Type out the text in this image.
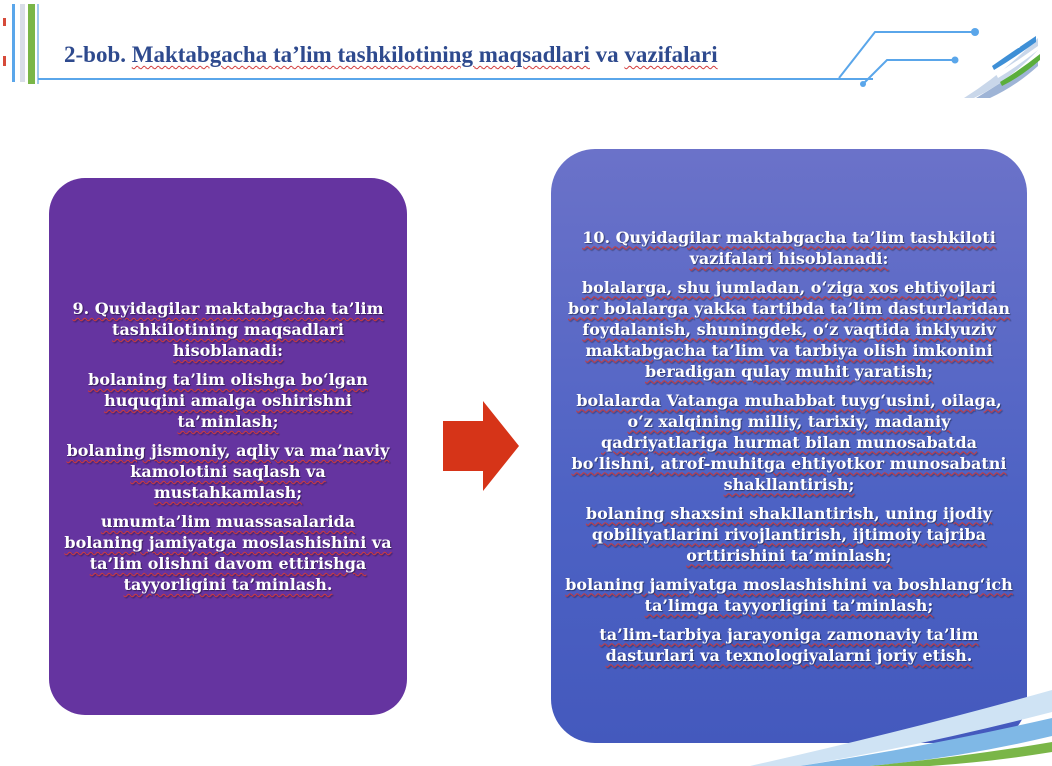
2-bob. Maktabgacha ta’lim tashkilotining maqsadlari va vazifalari

9. Quyidagilar maktabgacha ta’lim tashkilotining maqsadlari hisoblanadi:

bolaning ta’lim olishga bo‘lgan huquqini amalga oshirishni ta’minlash;

bolaning jismoniy, aqliy va ma’naviy kamolotini saqlash va mustahkamlash;

umumta’lim muassasalarida bolaning jamiyatga moslashishini va ta’lim olishni davom ettirishga tayyorligini ta’minlash.

10. Quyidagilar maktabgacha ta’lim tashkiloti vazifalari hisoblanadi:

bolalarga, shu jumladan, o‘ziga xos ehtiyojlari bor bolalarga yakka tartibda ta’lim dasturlaridan foydalanish, shuningdek, o‘z vaqtida inklyuziv maktabgacha ta’lim va tarbiya olish imkonini beradigan qulay muhit yaratish;

bolalarda Vatanga muhabbat tuyg‘usini, oilaga, o‘z xalqining milliy, tarixiy, madaniy qadriyatlariga hurmat bilan munosabatda bo‘lishni, atrof-muhitga ehtiyotkor munosabatni shakllantirish;

bolaning shaxsini shakllantirish, uning ijodiy qobiliyatlarini rivojlantirish, ijtimoiy tajriba orttirishini ta’minlash;

bolaning jamiyatga moslashishini va boshlang‘ich ta’limga tayyorligini ta’minlash;

ta’lim-tarbiya jarayoniga zamonaviy ta’lim dasturlari va texnologiyalarni joriy etish.
